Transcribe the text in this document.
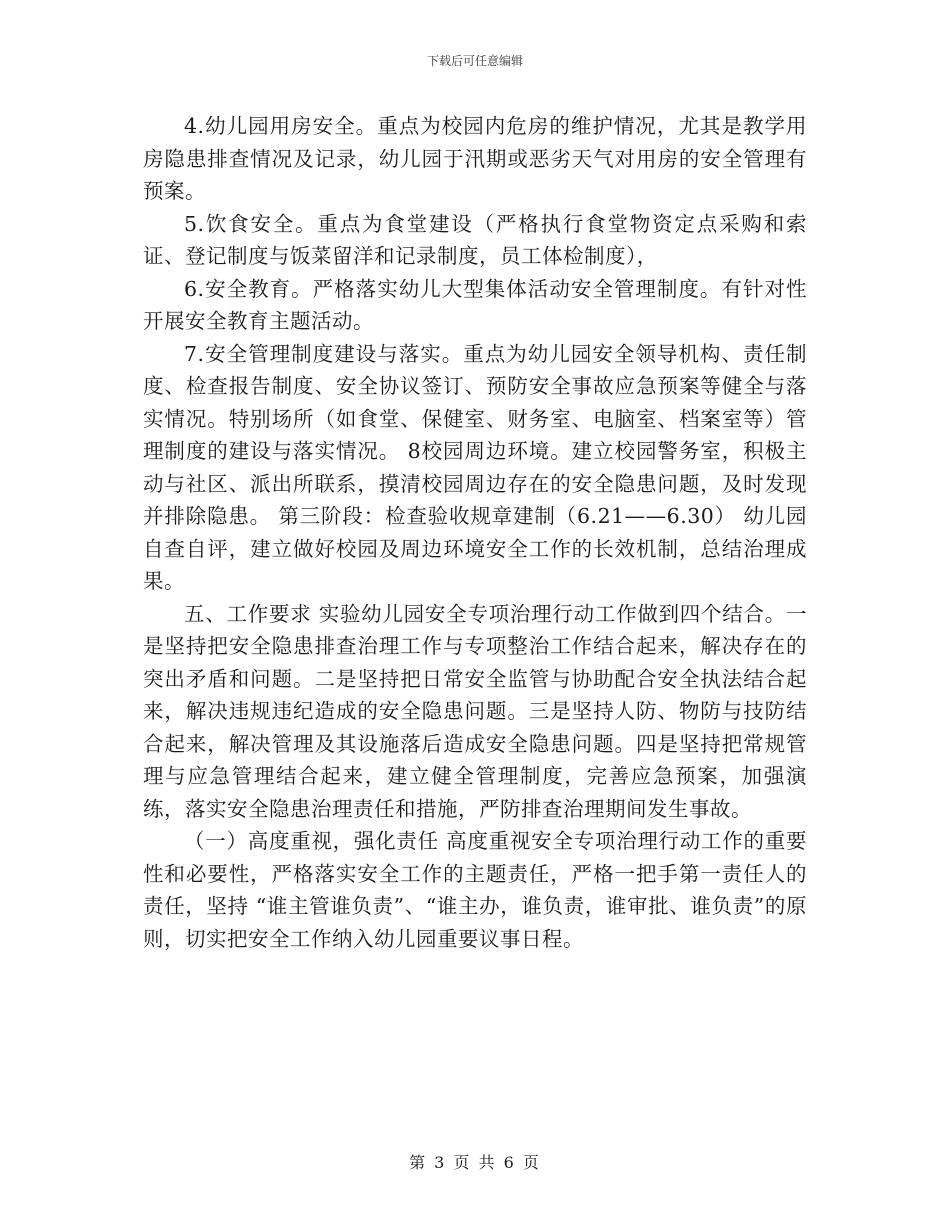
下载后可任意编辑

4.幼儿园用房安全。重点为校园内危房的维护情况，尤其是教学用房隐患排查情况及记录，幼儿园于汛期或恶劣天气对用房的安全管理有预案。

5.饮食安全。重点为食堂建设（严格执行食堂物资定点采购和索证、登记制度与饭菜留洋和记录制度，员工体检制度），

6.安全教育。严格落实幼儿大型集体活动安全管理制度。有针对性开展安全教育主题活动。

7.安全管理制度建设与落实。重点为幼儿园安全领导机构、责任制度、检查报告制度、安全协议签订、预防安全事故应急预案等健全与落实情况。特别场所（如食堂、保健室、财务室、电脑室、档案室等）管理制度的建设与落实情况。 8校园周边环境。建立校园警务室，积极主动与社区、派出所联系，摸清校园周边存在的安全隐患问题，及时发现并排除隐患。 第三阶段：检查验收规章建制（6.21——6.30） 幼儿园自查自评，建立做好校园及周边环境安全工作的长效机制，总结治理成果。

五、工作要求 实验幼儿园安全专项治理行动工作做到四个结合。一是坚持把安全隐患排查治理工作与专项整治工作结合起来，解决存在的突出矛盾和问题。二是坚持把日常安全监管与协助配合安全执法结合起来，解决违规违纪造成的安全隐患问题。三是坚持人防、物防与技防结合起来，解决管理及其设施落后造成安全隐患问题。四是坚持把常规管理与应急管理结合起来，建立健全管理制度，完善应急预案，加强演练，落实安全隐患治理责任和措施，严防排查治理期间发生事故。

（一）高度重视，强化责任 高度重视安全专项治理行动工作的重要性和必要性，严格落实安全工作的主题责任，严格一把手第一责任人的责任，坚持 “谁主管谁负责”、“谁主办，谁负责，谁审批、谁负责”的原则，切实把安全工作纳入幼儿园重要议事日程。

第 3 页 共 6 页
